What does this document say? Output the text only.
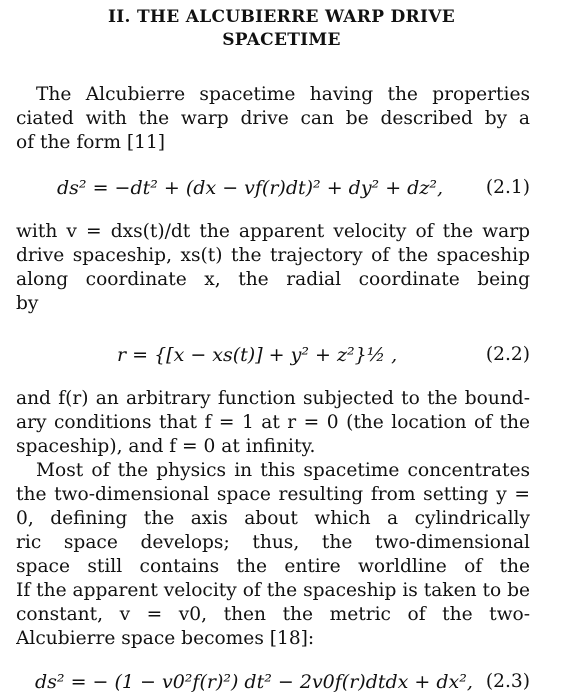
II. THE ALCUBIERRE WARP DRIVE
SPACETIME
The Alcubierre spacetime having the properties
ciated with the warp drive can be described by a
of the form [11]
ds² = −dt² + (dx − vf(r)dt)² + dy² + dz², (2.1)
with v = dxs(t)/dt the apparent velocity of the warp
drive spaceship, xs(t) the trajectory of the spaceship
along coordinate x, the radial coordinate being
by
r = {[x − xs(t)] + y² + z²}½ ,	(2.2)
and f(r) an arbitrary function subjected to the bound-
ary conditions that f = 1 at r = 0 (the location of the
spaceship), and f = 0 at infinity.
Most of the physics in this spacetime concentrates
the two-dimensional space resulting from setting y =
0, defining the axis about which a cylindrically
ric space develops; thus, the two-dimensional
space still contains the entire worldline of the
If the apparent velocity of the spaceship is taken to be
constant, v = v0, then the metric of the two-
Alcubierre space becomes [18]:
ds² = − (1 − v0²f(r)²) dt² − 2v0f(r)dtdx + dx², (2.3)
